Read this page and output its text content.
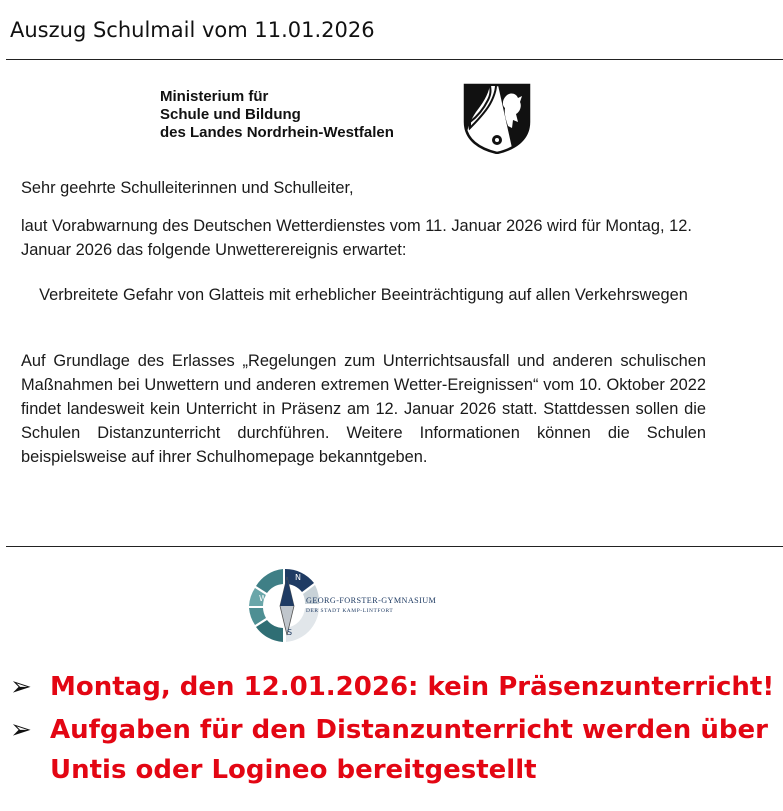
Auszug Schulmail vom 11.01.2026
Ministerium für
Schule und Bildung
des Landes Nordrhein-Westfalen
Sehr geehrte Schulleiterinnen und Schulleiter,
laut Vorabwarnung des Deutschen Wetterdienstes vom 11. Januar 2026 wird für Montag, 12. Januar 2026 das folgende Unwetterereignis erwartet:
Verbreitete Gefahr von Glatteis mit erheblicher Beeinträchtigung auf allen Verkehrswegen
Auf Grundlage des Erlasses „Regelungen zum Unterrichtsausfall und anderen schulischen Maßnahmen bei Unwettern und anderen extremen Wetter-Ereignissen“ vom 10. Oktober 2022 findet landesweit kein Unterricht in Präsenz am 12. Januar 2026 statt. Stattdessen sollen die Schulen Distanzunterricht durchführen. Weitere Informationen können die Schulen beispielsweise auf ihrer Schulhomepage bekanntgeben.
N
W
S
GEORG-FORSTER-GYMNASIUM
DER STADT KAMP-LINTFORT
➢ Montag, den 12.01.2026: kein Präsenzunterricht!
➢ Aufgaben für den Distanzunterricht werden über Untis oder Logineo bereitgestellt
